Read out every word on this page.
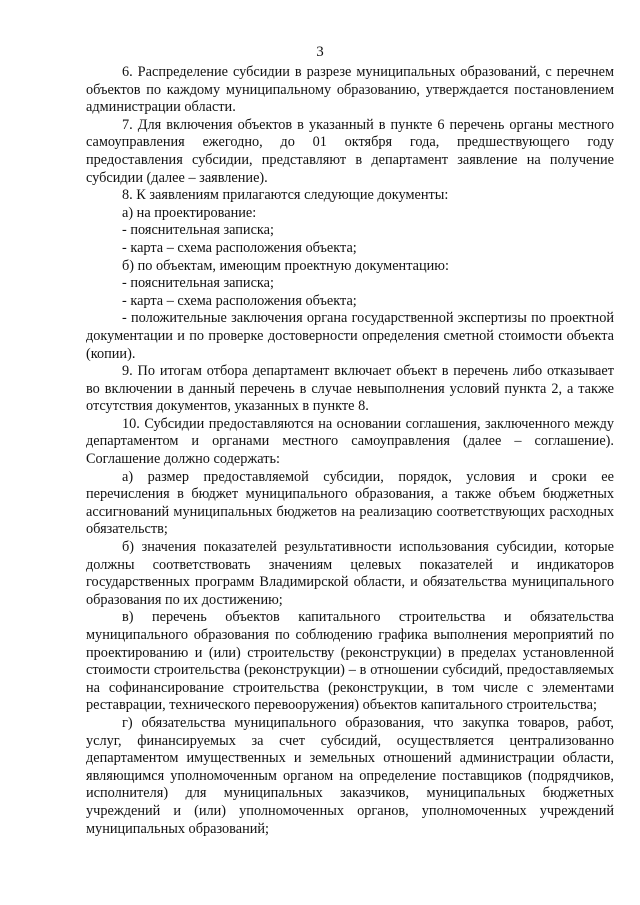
3

6. Распределение субсидии в разрезе муниципальных образований, с перечнем объектов по каждому муниципальному образованию, утверждается постановлением администрации области.

7. Для включения объектов в указанный в пункте 6 перечень органы местного самоуправления ежегодно, до 01 октября года, предшествующего году предоставления субсидии, представляют в департамент заявление на получение субсидии (далее – заявление).

8. К заявлениям прилагаются следующие документы:

а) на проектирование:

- пояснительная записка;

- карта – схема расположения объекта;

б) по объектам, имеющим проектную документацию:

- пояснительная записка;

- карта – схема расположения объекта;

- положительные заключения органа государственной экспертизы по проектной документации и по проверке достоверности определения сметной стоимости объекта (копии).

9. По итогам отбора департамент включает объект в перечень либо отказывает во включении в данный перечень в случае невыполнения условий пункта 2, а также отсутствия документов, указанных в пункте 8.

10. Субсидии предоставляются на основании соглашения, заключенного между департаментом и органами местного самоуправления (далее – соглашение). Соглашение должно содержать:

а) размер предоставляемой субсидии, порядок, условия и сроки ее перечисления в бюджет муниципального образования, а также объем бюджетных ассигнований муниципальных бюджетов на реализацию соответствующих расходных обязательств;

б) значения показателей результативности использования субсидии, которые должны соответствовать значениям целевых показателей и индикаторов государственных программ Владимирской области, и обязательства муниципального образования по их достижению;

в) перечень объектов капитального строительства и обязательства муниципального образования по соблюдению графика выполнения мероприятий по проектированию и (или) строительству (реконструкции) в пределах установленной стоимости строительства (реконструкции) – в отношении субсидий, предоставляемых на софинансирование строительства (реконструкции, в том числе с элементами реставрации, технического перевооружения) объектов капитального строительства;

г) обязательства муниципального образования, что закупка товаров, работ, услуг, финансируемых за счет субсидий, осуществляется централизованно департаментом имущественных и земельных отношений администрации области, являющимся уполномоченным органом на определение поставщиков (подрядчиков, исполнителя) для муниципальных заказчиков, муниципальных бюджетных учреждений и (или) уполномоченных органов, уполномоченных учреждений муниципальных образований;
